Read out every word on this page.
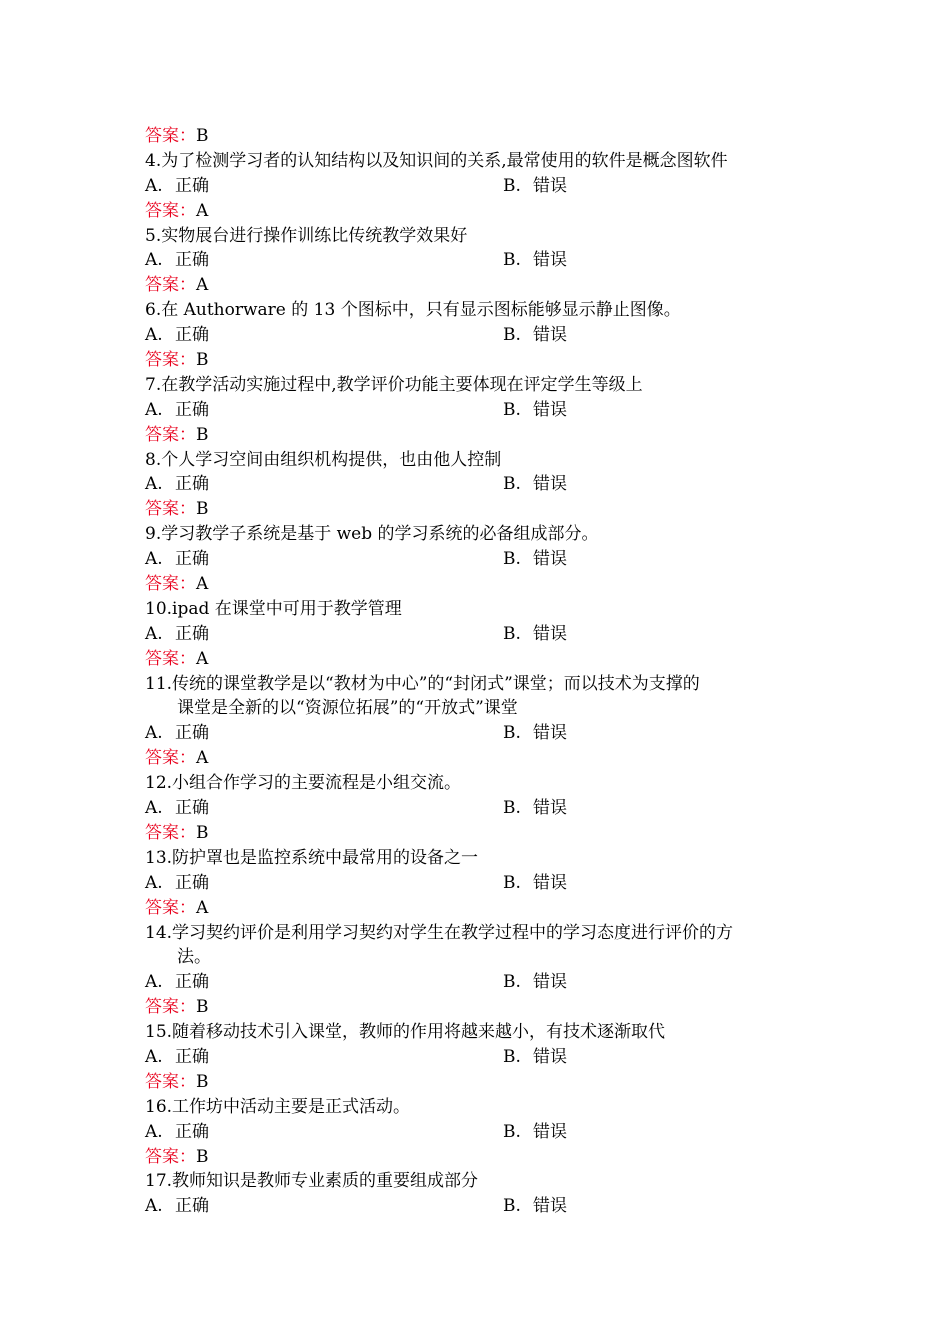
答案：B
4.为了检测学习者的认知结构以及知识间的关系,最常使用的软件是概念图软件
A. 正确	B. 错误
答案：A
5.实物展台进行操作训练比传统教学效果好
A. 正确	B. 错误
答案：A
6.在 Authorware 的 13 个图标中，只有显示图标能够显示静止图像。
A. 正确	B. 错误
答案：B
7.在教学活动实施过程中,教学评价功能主要体现在评定学生等级上
A. 正确	B. 错误
答案：B
8.个人学习空间由组织机构提供，也由他人控制
A. 正确	B. 错误
答案：B
9.学习教学子系统是基于 web 的学习系统的必备组成部分。
A. 正确	B. 错误
答案：A
10.ipad 在课堂中可用于教学管理
A. 正确	B. 错误
答案：A
11.传统的课堂教学是以“教材为中心”的“封闭式”课堂；而以技术为支撑的
课堂是全新的以“资源位拓展”的“开放式”课堂
A. 正确	B. 错误
答案：A
12.小组合作学习的主要流程是小组交流。
A. 正确	B. 错误
答案：B
13.防护罩也是监控系统中最常用的设备之一
A. 正确	B. 错误
答案：A
14.学习契约评价是利用学习契约对学生在教学过程中的学习态度进行评价的方
法。
A. 正确	B. 错误
答案：B
15.随着移动技术引入课堂，教师的作用将越来越小，有技术逐渐取代
A. 正确	B. 错误
答案：B
16.工作坊中活动主要是正式活动。
A. 正确	B. 错误
答案：B
17.教师知识是教师专业素质的重要组成部分
A. 正确	B. 错误
